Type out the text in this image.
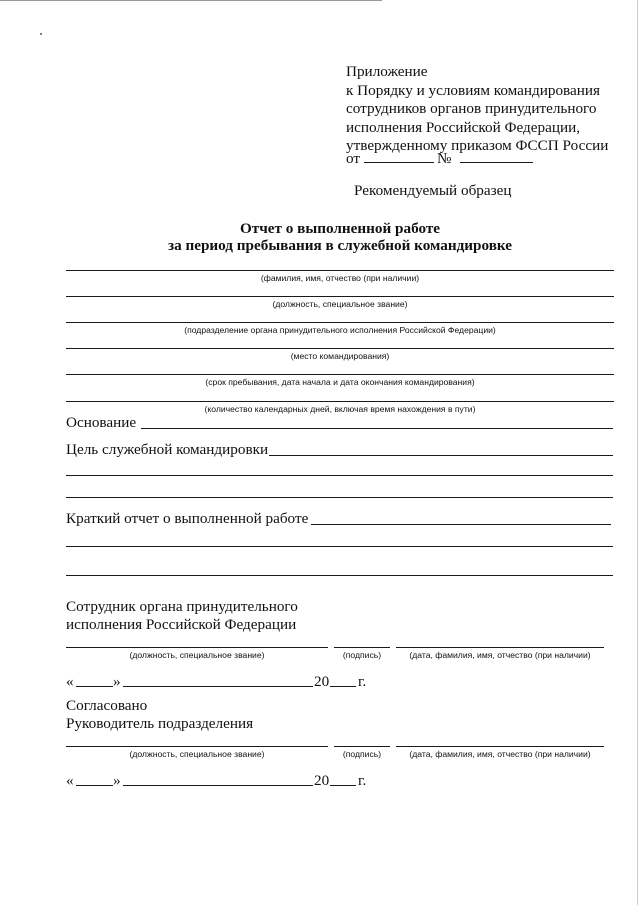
Приложение
к Порядку и условиям командирования
сотрудников органов принудительного
исполнения Российской Федерации,
утвержденному приказом ФССП России
от	№
Рекомендуемый образец
Отчет о выполненной работе
за период пребывания в служебной командировке
(фамилия, имя, отчество (при наличии)
(должность, специальное звание)
(подразделение органа принудительного исполнения Российской Федерации)
(место командирования)
(срок пребывания, дата начала и дата окончания командирования)
(количество календарных дней, включая время нахождения в пути)
Основание
Цель служебной командировки
Краткий отчет о выполненной работе
Сотрудник органа принудительного
исполнения Российской Федерации
(должность, специальное звание)	(подпись)	(дата, фамилия, имя, отчество (при наличии)
«	»	20 г.
Согласовано
Руководитель подразделения
(должность, специальное звание)	(подпись)	(дата, фамилия, имя, отчество (при наличии)
«	»	20 г.
